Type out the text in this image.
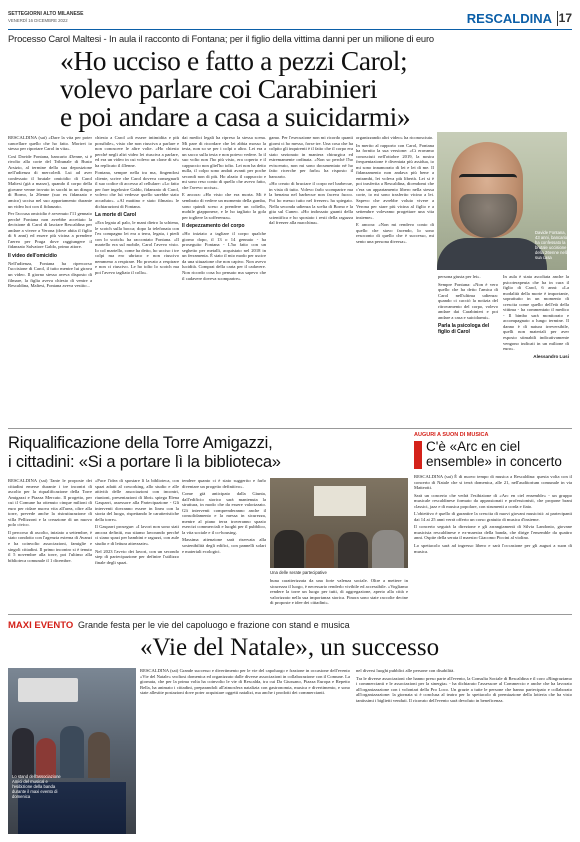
SETTEGIORNI ALTO MILANESE
VENERDÌ 16 DICEMBRE 2022	RESCALDINA 17
Processo Carol Maltesi - In aula il racconto di Fontana; per il figlio della vittima danni per un milione di euro
«Ho ucciso e fatto a pezzi Carol;
volevo parlare coi Carabinieri
e poi andare a casa a suicidarmi»
Davide Fontana, 43 anni, bancario, ha confessato la brutale uccisione della 26enne nella sua casa

RESCALDINA (sai) «Dare la vita per poter cancellare quello che ho fatto. Morirei io stesso per riportare Carol in vita».

Così Davide Fontana, bancario 43enne, si è rivolto alla corte del Tribunale di Busto Arsizio, al termine della sua deposizione nell'udienza di mercoledì. Lui ad aver confessato il brutale omicidio di Carol Maltesi (già a marzo), quando il corpo della giovane venne trovato in sacchi in un dirupo di Borno, la 26enne (suo ex fidanzato e amico) uccisa nel suo appartamento durante un video hot con il fidanzato.

Per l'accusa omicidio è avvenuto l'11 gennaio perché Fontana non avrebbe accettato la decisione di Carol di lasciare Rescaldina per andare a vivere a Verona (dove abita il figlio di 6 anni) ed essere più vicina a prendere l'aereo per Praga dove raggiungere il fidanzato Salvatore Galdo, primo attore.

Il video dell'omicidio

Nell'udienza, Fontana ha ripercorso l'uccisione di Carol, il tutto mentre lui girava un video. Il giorno stesso aveva disposto di filmare, la figlia aveva chiesto di venire a Rescaldina, Maltesi, Fontana aveva vestito...

chiesto a Carol «di essere intimidita e più possibile», visto che non riusciva a parlare e non conoscere le altre volte. «Ho chiesto perché negli altri video lei riusciva a parlare, ed era un video in cui volevo un clone di sé» ha replicato il 43enne.

Fontana, sempre nella tra ma, fingendosi cliente, scrive che Carol doveva consegnarli il suo codice di accesso al cellulare: «Lo fatto per fare ingelosire Galdo, fidanzato di Carol, volevo che lui vedesse quello sarebbe stato accaduto». «Al mattino e stato filmato» le dichiarazioni di Fontana.

La morte di Carol

«Era legata al palo, le mani dietro la schiena, le scotch sulla bocca; dopo la telefonata con l'ex compagno lei era a terra, legata, i piedi con lo scotch» ha raccontato Fontana. «Il martello era sul mobile, Carol l'avevo visto. Io col martello, come ha detto, ho ucciso i tre colpi ma ero ubriaco e non riuscivo nemmeno a respirare. Ho provato a respirare e non ci riuscivo. Le ho tolto lo scotch ma poi l'avevo tagliato il collo».

dai medici legali ha ripreso la stessa scena. Mi pare di ricordare che lei abbia mosso la testa, non so se per i colpi o altro. Lei era a un sacco sulla testa e non potevo vedere. Io il suo volto non l'ho più visto, era coperto e il cappuccio non gliel'ho tolto. Lei non ha detto nulla, il colpo sono andati avanti per poche secondi non di più. Ho alzato il cappuccio e mi sono reso conto di quello che avevo fatto, che l'avevo uccisa».

E ancora: «Ho visto che era morta. Mi è sembrato di vedere un momento della gamba, sono quindi sceso a prendere un coltello, mobile giapponese, e le ho tagliato la gola per togliere la sofferenza».

Il depezzamento del corpo

«Ho iniziato a tagliare il corpo qualche giorno dopo, il 13 o 14 gennaio - ha proseguito Fontana - L'ho fatto con un seghetto per metalli, acquistato nel 2018 in un ferramenta. È stato il mio modo per uscire da una situazione che non capivo. Non avevo lucidità. Comprai della carta per il cadavere. Non ricordo cosa ho pensato ma sapevo che il cadavere doveva scomparire».

gamo. Per l'esecuzione non mi ricordo quanti giorni ci ho messo, forse tre. Una cosa che ha colpito gli inquirenti è il fatto che il corpo era stato sezionato in maniera chirurgica ed estremamente ordinata. «Non so perché l'ho eviscerato, non mi sono documentato né ho fatto ricerche per farlo» ha risposto il bancario.

«Ho creato di bruciare il corpo nel barbecue, in vista di tutto. Volevo farlo scomparire ma la benzina nel barbecue non faceva fuoco. Poi ho messo tutto nel freezer» ha spiegato. Nella seconda udienza la scelta di Borno e la gita sul Cuneo. «Ho indossato guanti della scientifica e ho spostato i resti della ragazza dal freezer alla macchina».

organizzando altri video» ha riconosciuto.

In merito al rapporto con Carol, Fontana ha fornito la sua versione: «Ci eravamo conosciuti nell'ottobre 2019, la nostra frequentazione è diventata più assidua, io mi sono innamorato di lei e lei di me. Il fidanzamento non andava più bene a entrambi, lei voleva più libertà. Lei si è poi trasferita a Rescaldina, dicendomi che c'era un appartamento libero nella stessa corte, io mi sono trasferito vicino a lei. Sapevo che avrebbe voluto vivere a Verona per stare più vicina al figlio e a settembre volevamo progettare una vita insieme».

E ancora: «Non mi rendevo conto di quello che stavo facendo, lo sono resoconto di quello che è successo, mi sento una persona diversa».

persona giusta per lei».

Sempre Fontana: «Non è vero quello che ha detto l'amica di Carol nell'ultima udienza: quando ci cacciò la notizia del ritrovamento del corpo, volevo andare dai Carabinieri e poi andare a casa e suicidarmi».

Parla la psicologa del figlio di Carol

In aula è stata ascoltata anche la psicoterapeuta che ha in cura il figlio di Carol, 6 anni: «La modalità della morte è importante, soprattutto in un momento di crescita come quello dell'età della vittima - ha commentato il medico - Il bimbo sarà monitorato e accompagnato a lungo termine. Il danno è di natura irreversibile, quelli non materiali per aver esposto stimabili indicativamente vengono indicati in un milione di euro».

Alessandro Lusi

Riqualificazione della Torre Amigazzi,
i cittadini: «Si a portare lì la biblioteca»

RESCALDINA (sai) Tante le proposte dei cittadini emerse durante i tre incontri di ascolto per la riqualificazione della Torre Amigazzi e Piazza Mercato. Il progetto, per cui il Comune ha ottenuto cinque milioni di euro per ridare nuova vita all'area, oltre alla torre, prevede anche la ristrutturazione di villa Pellizzoni e la creazione di un nuovo polo civico.

Il percorso di ascolto, iniziato a settembre, è stato condotto con l'agenzia esterna di Avanzi e ha coinvolto associazioni, famiglie e singoli cittadini. Il primo incontro si è tenuto il 5 novembre alla torre, poi l'ultimo alla biblioteca comunale il 1 dicembre.

«Pace l'idea di spostare lì la biblioteca, con spazi adatti al coworking, allo studio e alle attività delle associazioni con incontri, riunioni, presentazioni di libri» spiega Elena Gasparri, assessore alla Partecipazione - Gli interventi dovranno essere in linea con la storia del luogo, rispettando le caratteristiche della torre».

Il Gasparri prosegue: «I lavori non sono stati ancora definiti, ma stiamo lavorando perché ci siano spazi per bambini e ragazzi, con aule studio e di lettura attrezzate».

Nel 2023 l'avvio dei lavori, con un secondo step di partecipazione per definire l'utilizzo finale degli spazi.

tendere quanto ci è stato suggerito e farlo diventare un progetto definitivo».

Come già anticipato dalla Giunta, dall'edificio storico sarà mantenuta la struttura, in modo che da essere valorizzato. Gli interventi comprenderanno anche il consolidamento e la messa in sicurezza, mentre al piano terra troveranno spazio esercizi commerciali e luoghi per il pubblico, la vita sociale e il co-housing.

Massima attenzione sarà riservata alla sostenibilità degli edifici, con pannelli solari e materiali ecologici.

Una delle serate partecipative

buna caratterizzata da una forte valenza sociale. Oltre a mettere in sicurezza il luogo, è necessario renderlo vivibile ed accessibile. «Vogliamo rendere la torre un luogo per tutti, di aggregazione, aperto alla città e valorizzato nella sua importanza storica. Finora sono state raccolte decine di proposte e idee dei cittadini».

AUGURI A SUON DI MUSICA
C'è «Arc en ciel ensemble» in concerto

RESCALDINA (sai) È di nuovo tempo di musica a Rescaldina: questa volta con il concerto di Natale che si terrà domenica, alle 21, nell'auditorium comunale in via Matteotti.

Sarà un concerto che vedrà l'esibizione di «Arc en ciel ensemble» - un gruppo musicale rescaldinese formato da appassionati e professionisti, che propone brani classici, jazz e di musica popolare, con strumenti a corda e fiato.

L'obiettivo è quello di garantire la crescita di nuovi giovani musicisti: ai partecipanti dai 14 ai 25 anni verrà offerto un corso gratuito di musica d'insieme.

Il concerto seguirà la direzione e gli arrangiamenti di Silvia Landonio, giovane musicista rescaldinese e ex-maestra della banda, che dirige l'ensemble da quattro anni. Ospite della serata il maestro Giacomo Piccini al violino.

Lo spettacolo sarà ad ingresso libero e sarà l'occasione per gli auguri a suon di musica.

MAXI EVENTO Grande festa per le vie del capoluogo e frazione con stand e musica
«Vie del Natale», un successo
Lo stand dell'associazione Amici del musical e l'esibizione della banda durante il maxi evento di domenica

RESCALDINA (sai) Grande successo e divertimento per le vie del capoluogo e frazione in occasione dell'evento «Vie del Natale» svoltosi domenica ed organizzato dalle diverse associazioni in collaborazione con il Comune. La giornata, che per la prima volta ha coinvolto le vie di Rescalda, tra cui Da Giussano, Piazza Europa e Repetto Bella, ha animato i cittadini, preparandoli all'atmosfera natalizia con gastronomia, musica e divertimento, e sono state allestite postazioni dove poter acquistare oggetti natalizi, ma anche i prodotti dei commercianti.

nel diversi luoghi pubblici alle persone con disabilità.

Tra le diverse associazioni che hanno preso parte all'evento, la Consulta Sociale di Rescaldina e il coro «Ringraziamo i commercianti e le associazioni per la sinergia» - ha dichiarato l'assessore al Commercio e anche che ha lavorato all'organizzazione con i volontari della Pro Loco. Un grazie a tutte le persone che hanno partecipato e collaborato all'organizzazione: la giornata si è conclusa al teatro per lo spettacolo di premiazione della lotteria che ha visto tantissimi i biglietti venduti. Il ricavato dell'evento sarà devoluto in beneficenza.
